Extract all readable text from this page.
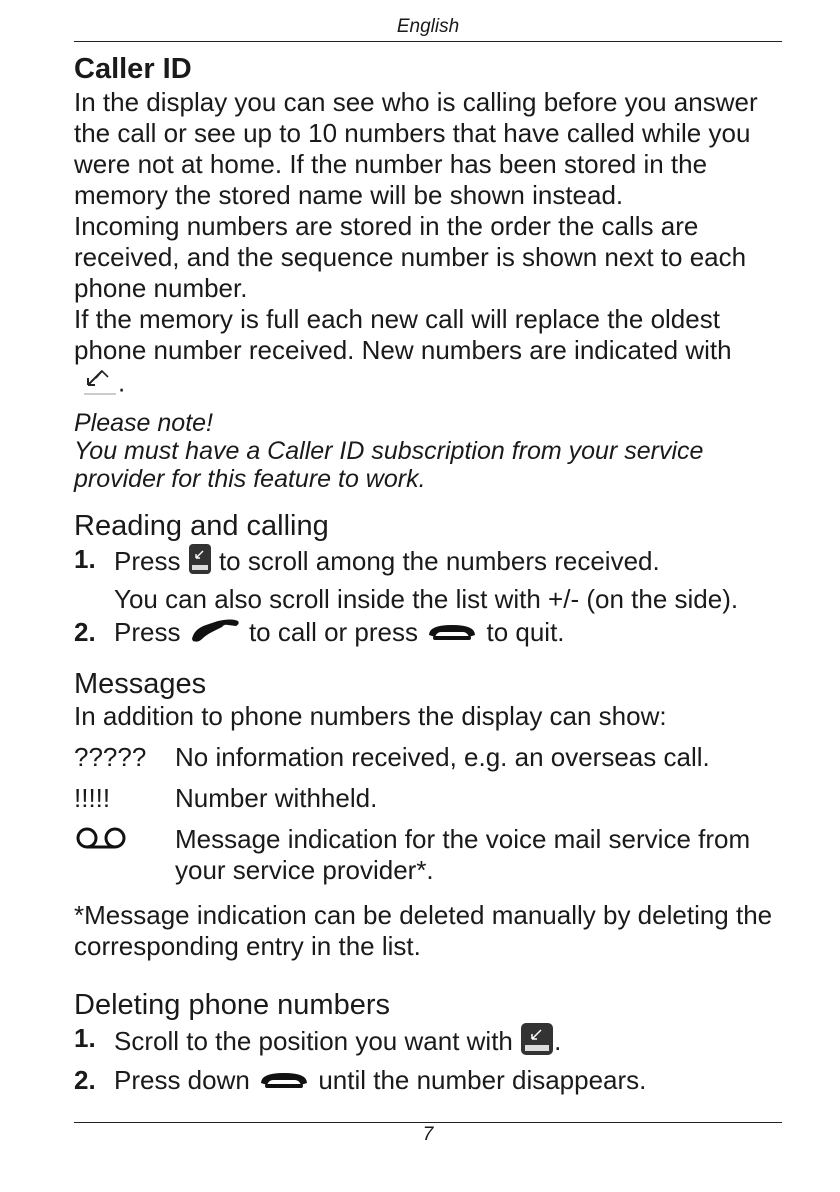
English
Caller ID

In the display you can see who is calling before you answer the call or see up to 10 numbers that have called while you were not at home. If the number has been stored in the memory the stored name will be shown instead.

Incoming numbers are stored in the order the calls are received, and the sequence number is shown next to each phone number.

If the memory is full each new call will replace the oldest phone number received. New numbers are indicated with
.

Please note!
You must have a Caller ID subscription from your service provider for this feature to work.
Reading and calling
1. Press to scroll among the numbers received.
You can also scroll inside the list with +/- (on the side).
2. Press	to call or press	to quit.
Messages

In addition to phone numbers the display can show:

?????	No information received, e.g. an overseas call.
!!!!!	Number withheld.
Message indication for the voice mail service from your service provider*.

*Message indication can be deleted manually by deleting the corresponding entry in the list.

Deleting phone numbers
1. Scroll to the position you want with .
2. Press down	until the number disappears.
7
